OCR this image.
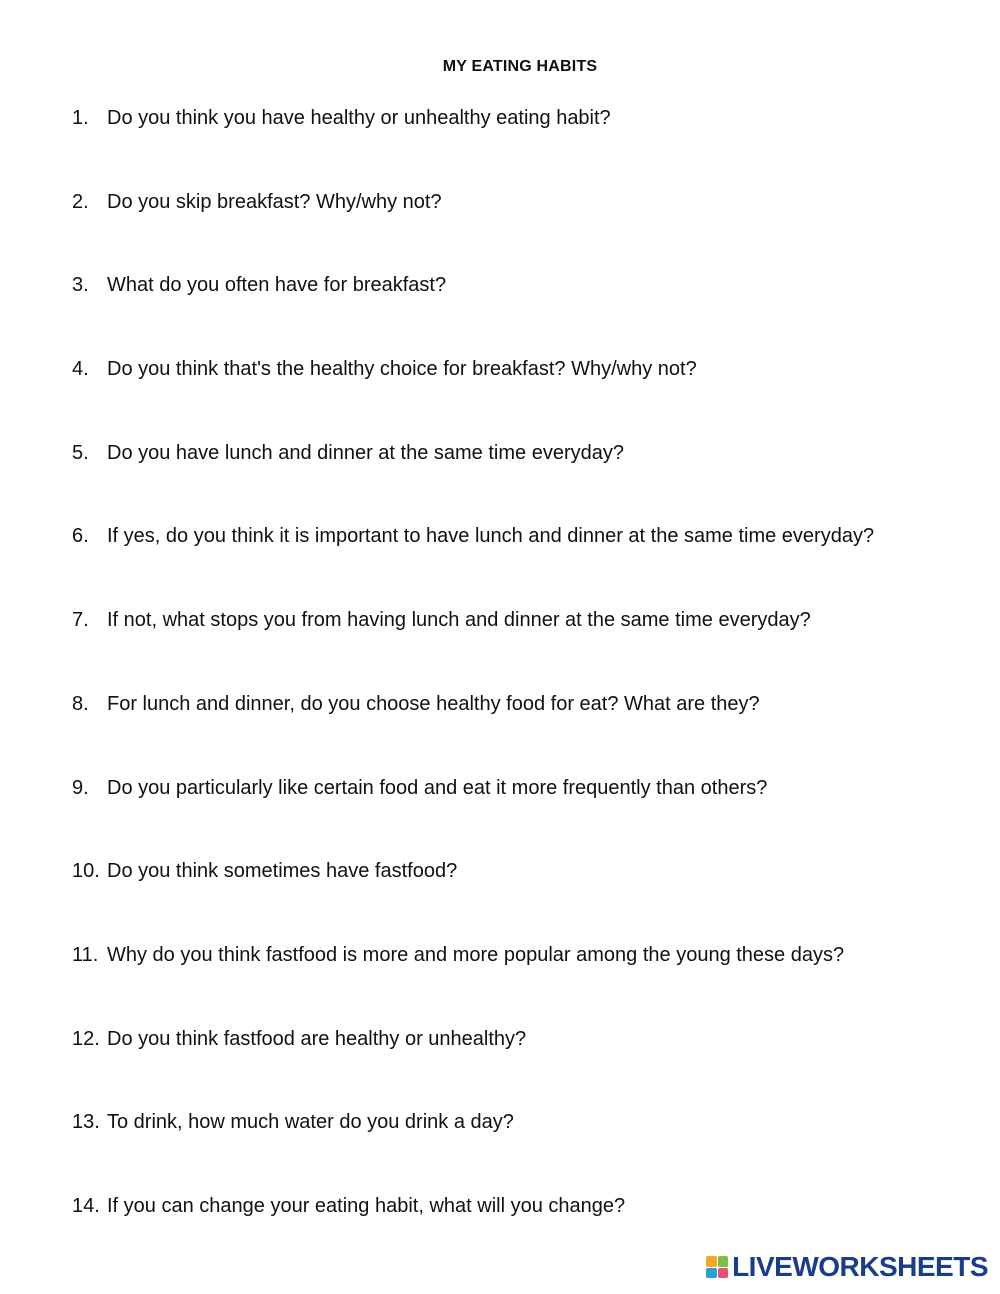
MY EATING HABITS
1. Do you think you have healthy or unhealthy eating habit?
2. Do you skip breakfast? Why/why not?
3. What do you often have for breakfast?
4. Do you think that's the healthy choice for breakfast? Why/why not?
5. Do you have lunch and dinner at the same time everyday?
6. If yes, do you think it is important to have lunch and dinner at the same time everyday?
7. If not, what stops you from having lunch and dinner at the same time everyday?
8. For lunch and dinner, do you choose healthy food for eat? What are they?
9. Do you particularly like certain food and eat it more frequently than others?
10. Do you think sometimes have fastfood?
11. Why do you think fastfood is more and more popular among the young these days?
12. Do you think fastfood are healthy or unhealthy?
13. To drink, how much water do you drink a day?
14. If you can change your eating habit, what will you change?
LIVEWORKSHEETS
